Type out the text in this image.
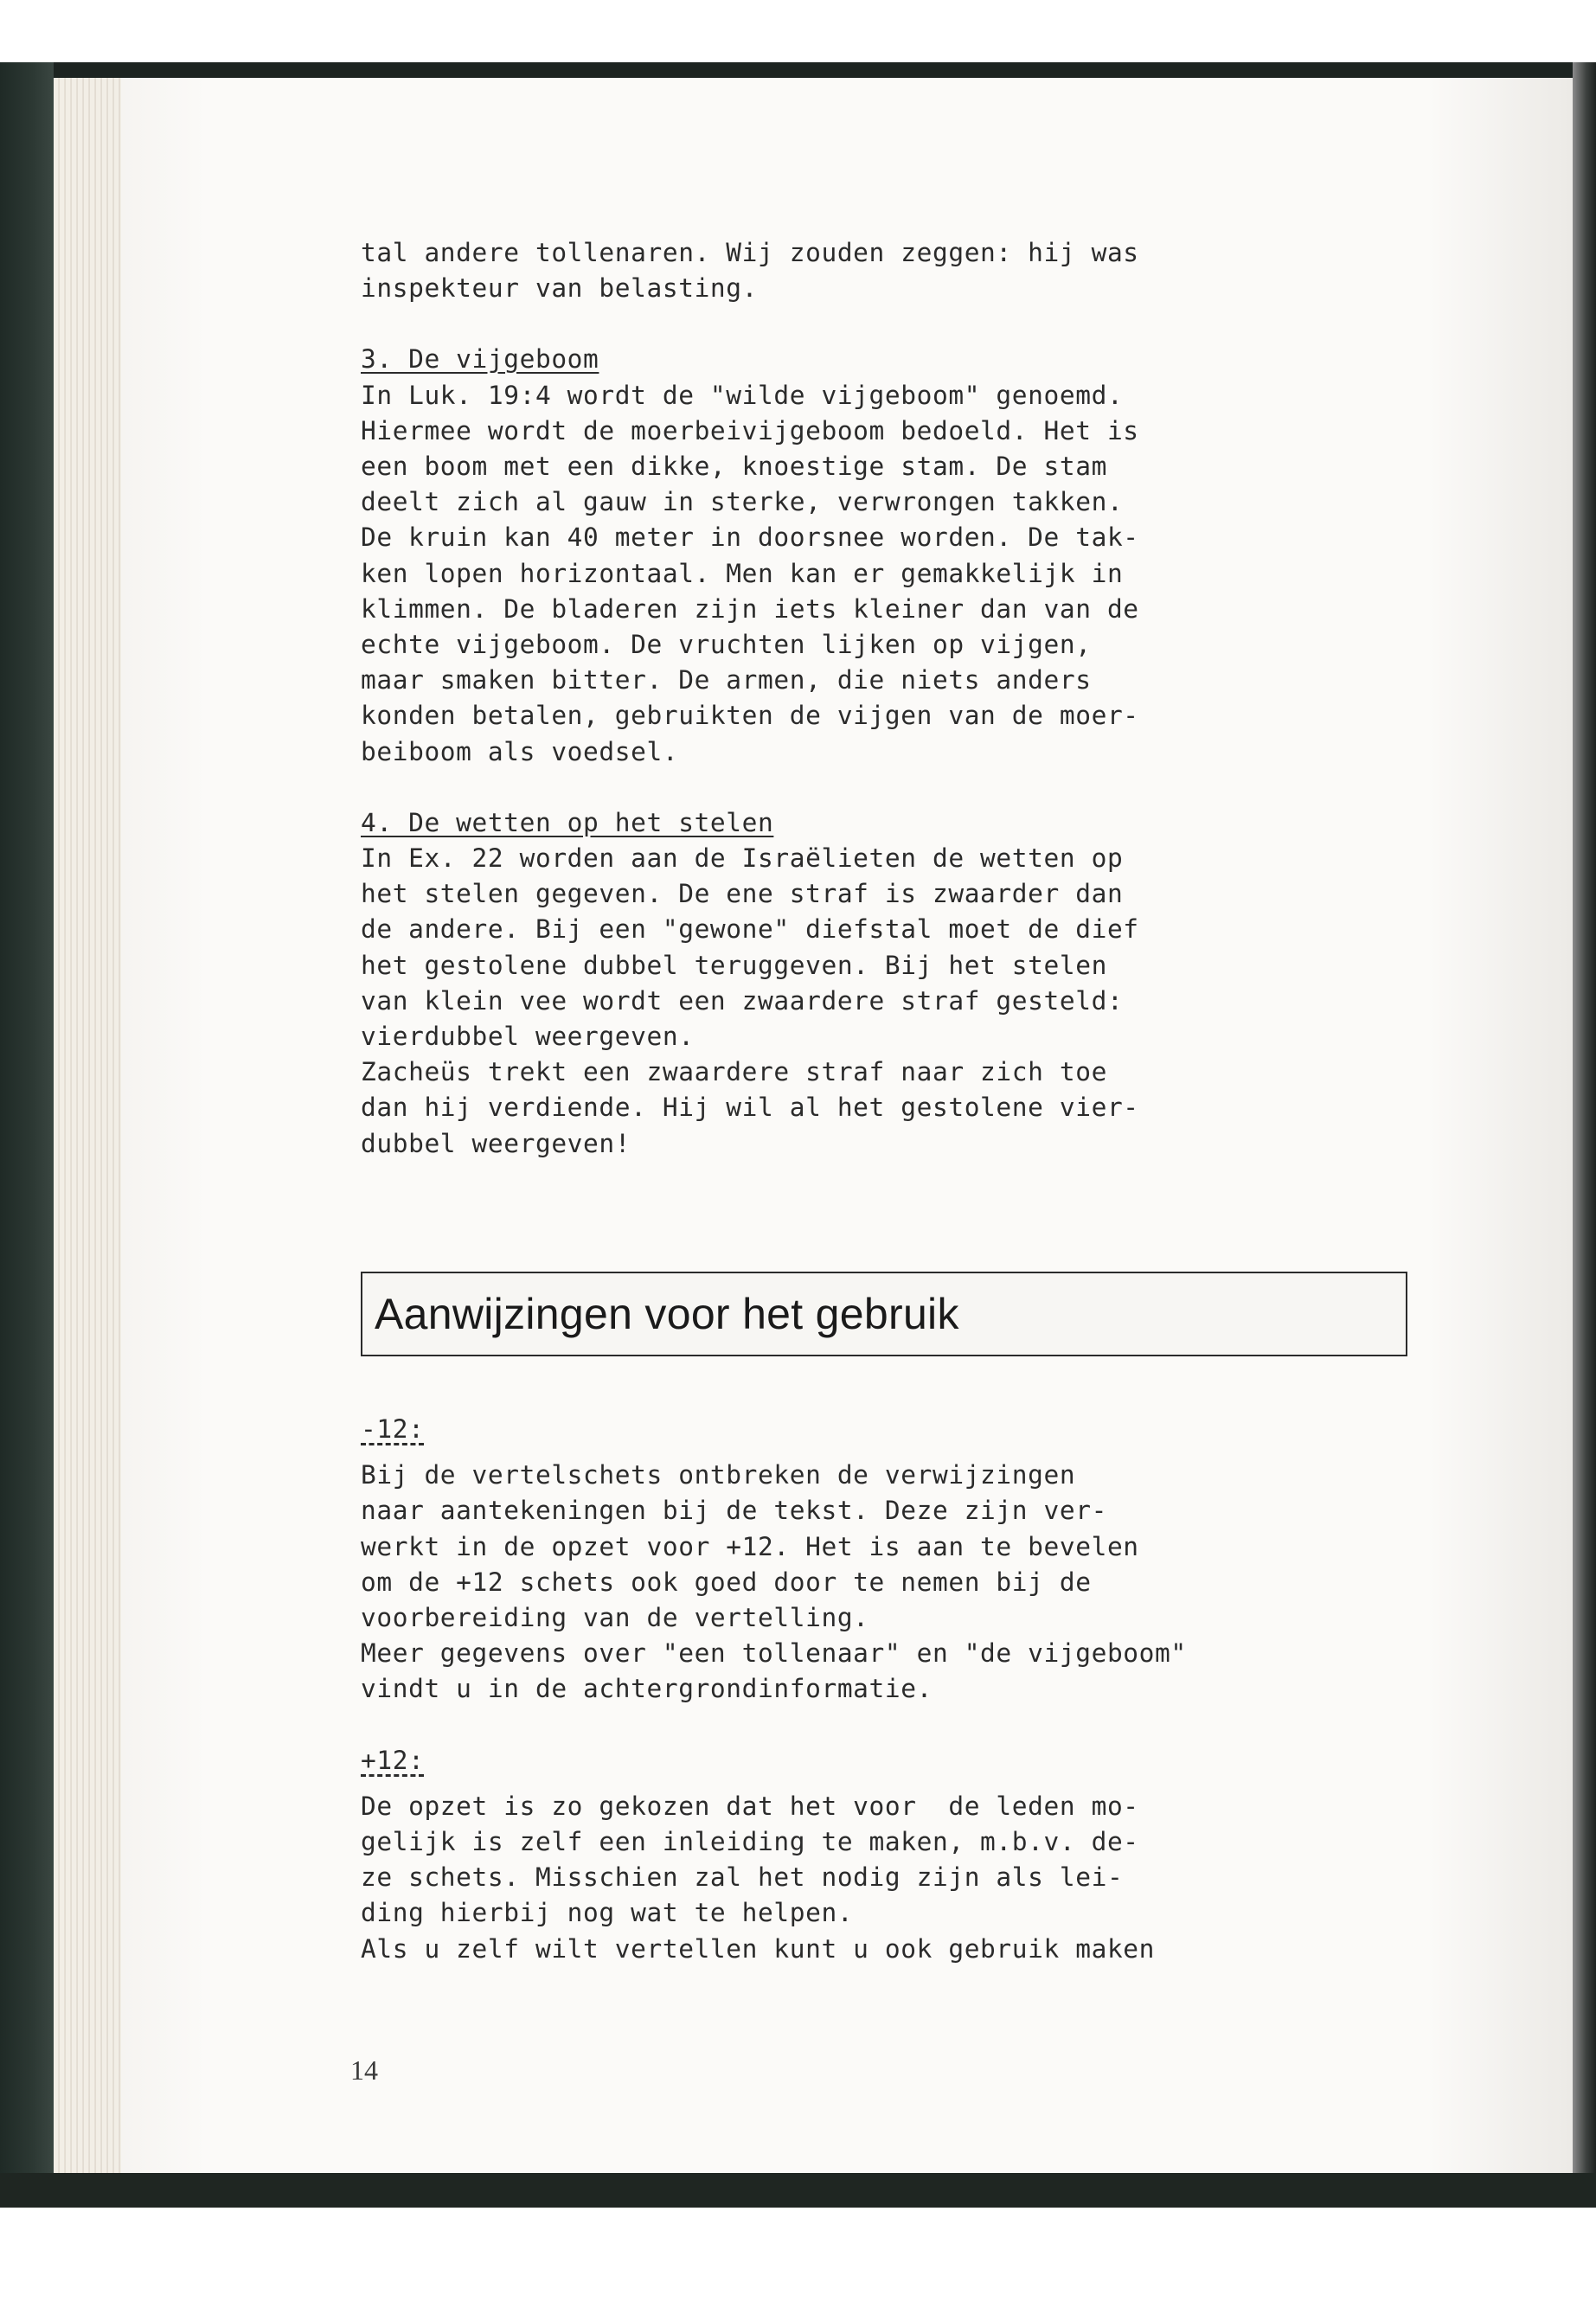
tal andere tollenaren. Wij zouden zeggen: hij was
inspekteur van belasting.
3. De vijgeboom
In Luk. 19:4 wordt de "wilde vijgeboom" genoemd.
Hiermee wordt de moerbeivijgeboom bedoeld. Het is
een boom met een dikke, knoestige stam. De stam
deelt zich al gauw in sterke, verwrongen takken.
De kruin kan 40 meter in doorsnee worden. De tak-
ken lopen horizontaal. Men kan er gemakkelijk in
klimmen. De bladeren zijn iets kleiner dan van de
echte vijgeboom. De vruchten lijken op vijgen,
maar smaken bitter. De armen, die niets anders
konden betalen, gebruikten de vijgen van de moer-
beiboom als voedsel.
4. De wetten op het stelen
In Ex. 22 worden aan de Israëlieten de wetten op
het stelen gegeven. De ene straf is zwaarder dan
de andere. Bij een "gewone" diefstal moet de dief
het gestolene dubbel teruggeven. Bij het stelen
van klein vee wordt een zwaardere straf gesteld:
vierdubbel weergeven.
Zacheüs trekt een zwaardere straf naar zich toe
dan hij verdiende. Hij wil al het gestolene vier-
dubbel weergeven!
Aanwijzingen voor het gebruik
-12:
Bij de vertelschets ontbreken de verwijzingen
naar aantekeningen bij de tekst. Deze zijn ver-
werkt in de opzet voor +12. Het is aan te bevelen
om de +12 schets ook goed door te nemen bij de
voorbereiding van de vertelling.
Meer gegevens over "een tollenaar" en "de vijgeboom"
vindt u in de achtergrondinformatie.
+12:
De opzet is zo gekozen dat het voor  de leden mo-
gelijk is zelf een inleiding te maken, m.b.v. de-
ze schets. Misschien zal het nodig zijn als lei-
ding hierbij nog wat te helpen.
Als u zelf wilt vertellen kunt u ook gebruik maken
14
